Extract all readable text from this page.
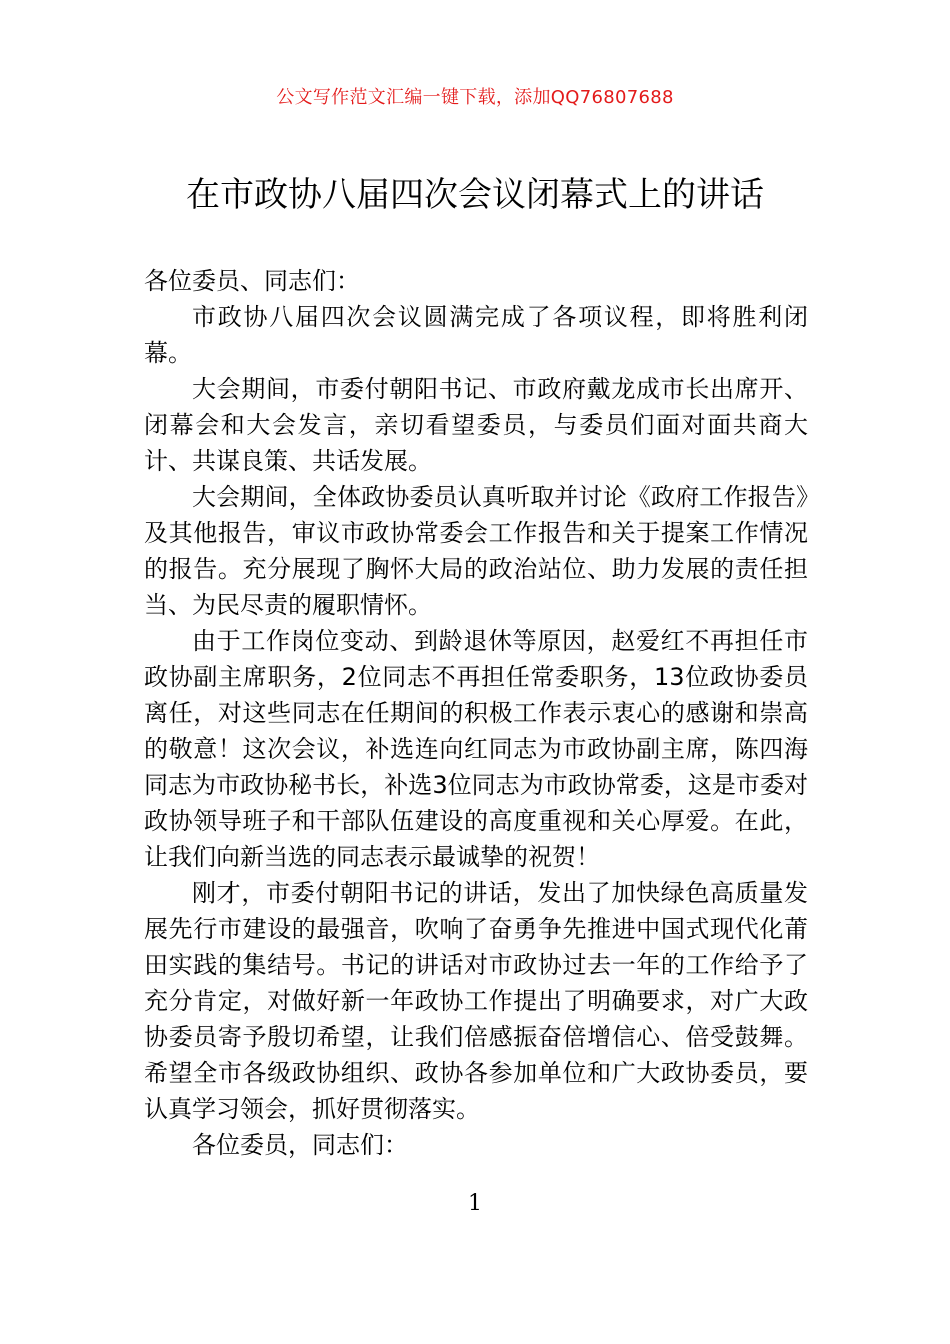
公文写作范文汇编一键下载，添加QQ76807688
在市政协八届四次会议闭幕式上的讲话

各位委员、同志们：

市政协八届四次会议圆满完成了各项议程，即将胜利闭幕。

大会期间，市委付朝阳书记、市政府戴龙成市长出席开、闭幕会和大会发言，亲切看望委员，与委员们面对面共商大计、共谋良策、共话发展。

大会期间，全体政协委员认真听取并讨论《政府工作报告》及其他报告，审议市政协常委会工作报告和关于提案工作情况的报告。充分展现了胸怀大局的政治站位、助力发展的责任担当、为民尽责的履职情怀。

由于工作岗位变动、到龄退休等原因，赵爱红不再担任市政协副主席职务，2位同志不再担任常委职务，13位政协委员离任，对这些同志在任期间的积极工作表示衷心的感谢和崇高的敬意！这次会议，补选连向红同志为市政协副主席，陈四海同志为市政协秘书长，补选3位同志为市政协常委，这是市委对政协领导班子和干部队伍建设的高度重视和关心厚爱。在此，让我们向新当选的同志表示最诚挚的祝贺！

刚才，市委付朝阳书记的讲话，发出了加快绿色高质量发展先行市建设的最强音，吹响了奋勇争先推进中国式现代化莆田实践的集结号。书记的讲话对市政协过去一年的工作给予了充分肯定，对做好新一年政协工作提出了明确要求，对广大政协委员寄予殷切希望，让我们倍感振奋倍增信心、倍受鼓舞。希望全市各级政协组织、政协各参加单位和广大政协委员，要认真学习领会，抓好贯彻落实。

各位委员，同志们：

1
